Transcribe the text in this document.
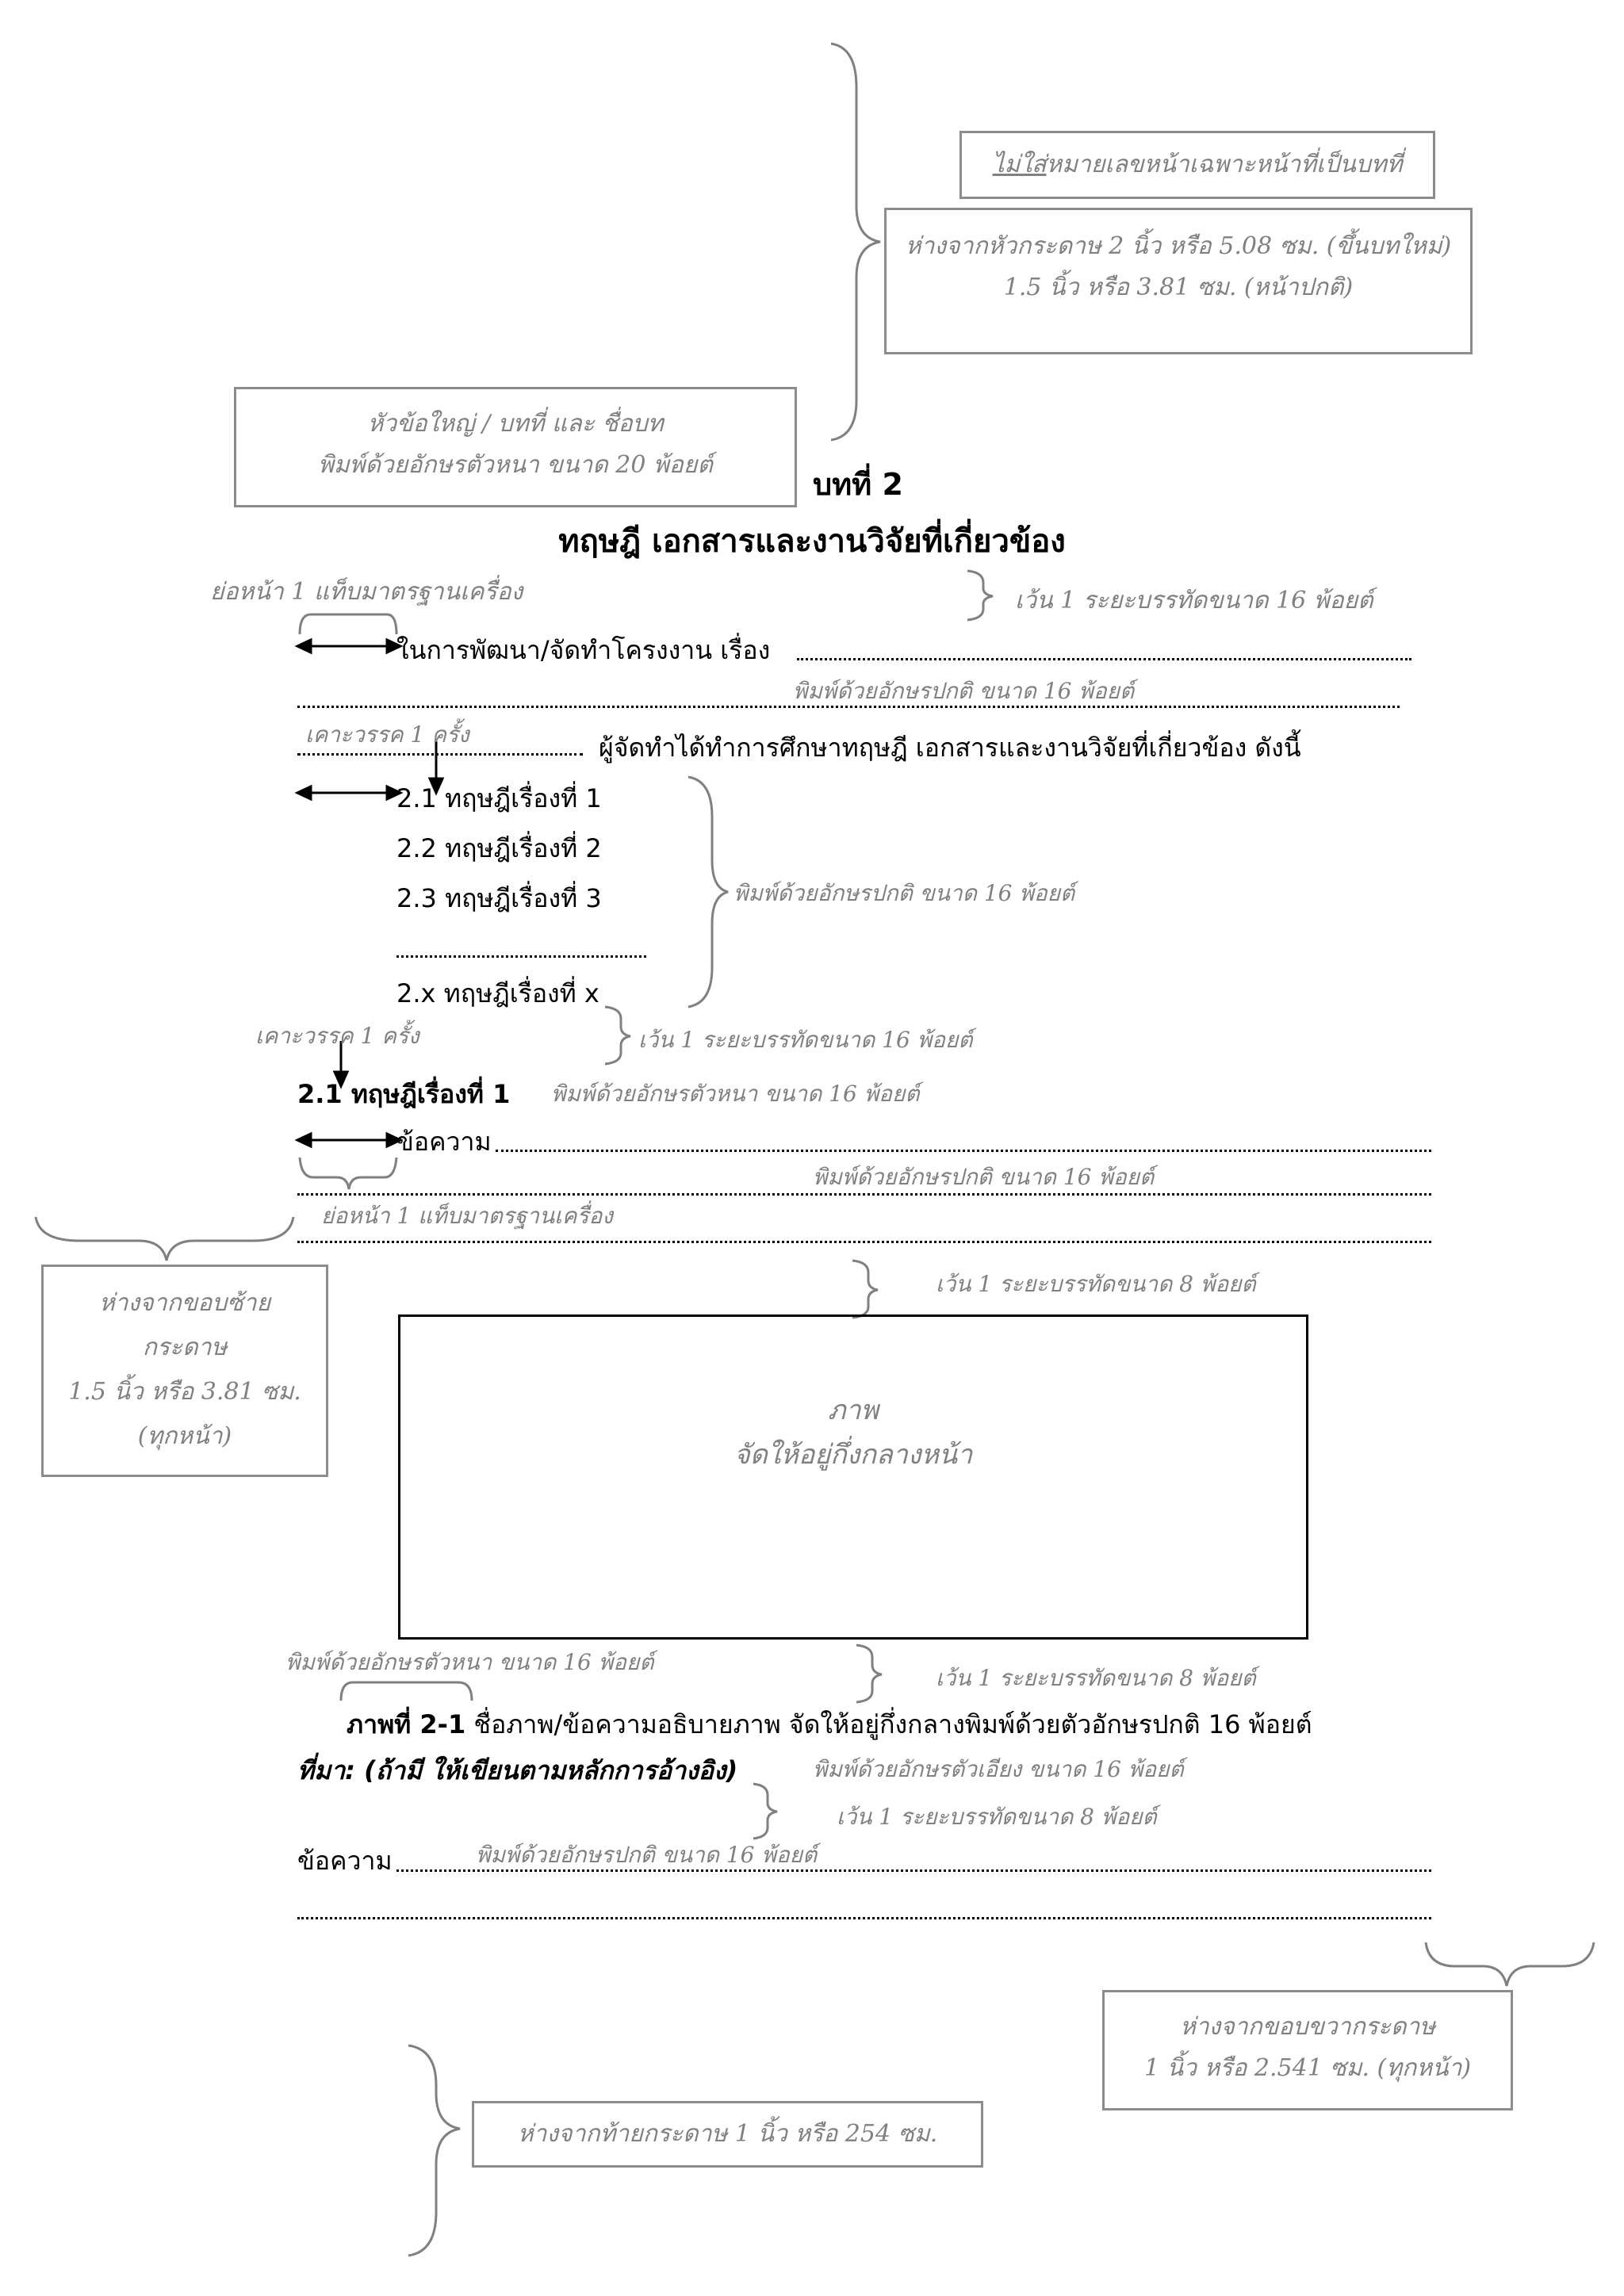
ไม่ใส่หมายเลขหน้าเฉพาะหน้าที่เป็นบทที่
ห่างจากหัวกระดาษ 2 นิ้ว หรือ 5.08 ซม. (ขึ้นบทใหม่)
1.5 นิ้ว หรือ 3.81 ซม. (หน้าปกติ)
หัวข้อใหญ่ / บทที่ และ ชื่อบท
พิมพ์ด้วยอักษรตัวหนา ขนาด 20 พ้อยต์
บทที่ 2
ทฤษฎี เอกสารและงานวิจัยที่เกี่ยวข้อง
ย่อหน้า 1 แท็บมาตรฐานเครื่อง	เว้น 1 ระยะบรรทัดขนาด 16 พ้อยต์
ในการพัฒนา/จัดทำโครงงาน เรื่อง
พิมพ์ด้วยอักษรปกติ ขนาด 16 พ้อยต์
เคาะวรรค 1 ครั้ง	ผู้จัดทำได้ทำการศึกษาทฤษฎี เอกสารและงานวิจัยที่เกี่ยวข้อง ดังนี้
2.1 ทฤษฎีเรื่องที่ 1
2.2 ทฤษฎีเรื่องที่ 2
2.3 ทฤษฎีเรื่องที่ 3
2.x ทฤษฎีเรื่องที่ x
พิมพ์ด้วยอักษรปกติ ขนาด 16 พ้อยต์
เคาะวรรค 1 ครั้ง	เว้น 1 ระยะบรรทัดขนาด 16 พ้อยต์
2.1 ทฤษฎีเรื่องที่ 1 พิมพ์ด้วยอักษรตัวหนา ขนาด 16 พ้อยต์
ข้อความ
พิมพ์ด้วยอักษรปกติ ขนาด 16 พ้อยต์
ย่อหน้า 1 แท็บมาตรฐานเครื่อง
ห่างจากขอบซ้าย
กระดาษ
1.5 นิ้ว หรือ 3.81 ซม.
(ทุกหน้า)
เว้น 1 ระยะบรรทัดขนาด 8 พ้อยต์
ภาพ
จัดให้อยู่กึ่งกลางหน้า
พิมพ์ด้วยอักษรตัวหนา ขนาด 16 พ้อยต์
เว้น 1 ระยะบรรทัดขนาด 8 พ้อยต์
ภาพที่ 2-1 ชื่อภาพ/ข้อความอธิบายภาพ จัดให้อยู่กึ่งกลางพิมพ์ด้วยตัวอักษรปกติ 16 พ้อยต์
ที่มา: (ถ้ามี ให้เขียนตามหลักการอ้างอิง)	พิมพ์ด้วยอักษรตัวเอียง ขนาด 16 พ้อยต์
เว้น 1 ระยะบรรทัดขนาด 8 พ้อยต์
ข้อความ	พิมพ์ด้วยอักษรปกติ ขนาด 16 พ้อยต์
ห่างจากขอบขวากระดาษ
1 นิ้ว หรือ 2.541 ซม. (ทุกหน้า)
ห่างจากท้ายกระดาษ 1 นิ้ว หรือ 254 ซม.
